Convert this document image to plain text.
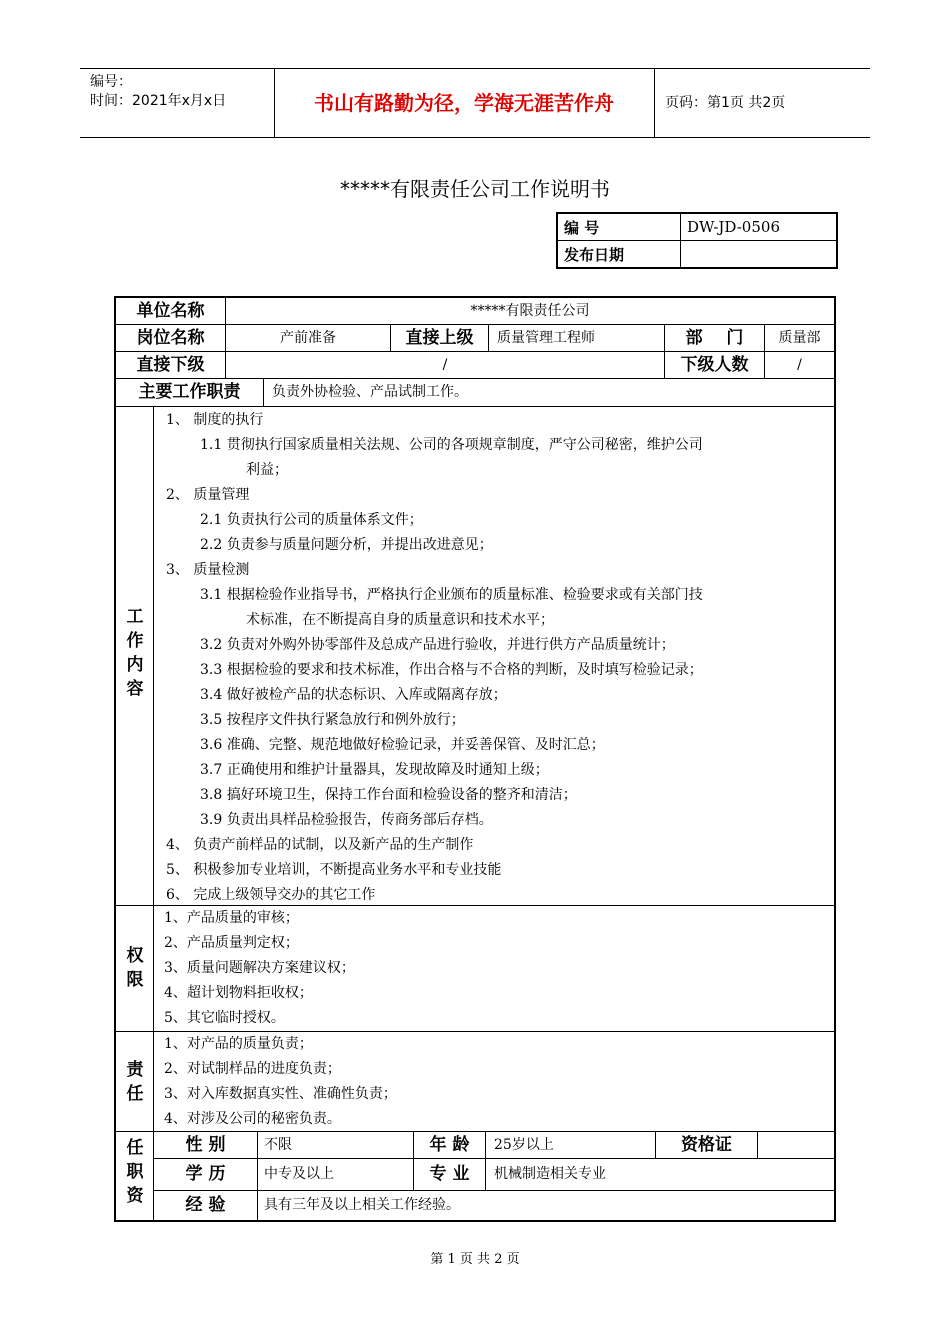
编号：
时间：2021年x月x日	书山有路勤为径，学海无涯苦作舟	页码：第1页 共2页
*****有限责任公司工作说明书
编 号	DW-JD-0506
发布日期	
单位名称	*****有限责任公司
岗位名称	产前准备	直接上级	质量管理工程师	部    门	质量部
直接下级	/	下级人数	/
主要工作职责	负责外协检验、产品试制工作。
工作内容
1、 制度的执行
1.1 贯彻执行国家质量相关法规、公司的各项规章制度，严守公司秘密，维护公司
利益；
2、 质量管理
2.1 负责执行公司的质量体系文件；
2.2 负责参与质量问题分析，并提出改进意见；
3、 质量检测
3.1 根据检验作业指导书，严格执行企业颁布的质量标准、检验要求或有关部门技
术标准，在不断提高自身的质量意识和技术水平；
3.2 负责对外购外协零部件及总成产品进行验收，并进行供方产品质量统计；
3.3 根据检验的要求和技术标准，作出合格与不合格的判断，及时填写检验记录；
3.4 做好被检产品的状态标识、入库或隔离存放；
3.5 按程序文件执行紧急放行和例外放行；
3.6 准确、完整、规范地做好检验记录，并妥善保管、及时汇总；
3.7 正确使用和维护计量器具，发现故障及时通知上级；
3.8 搞好环境卫生，保持工作台面和检验设备的整齐和清洁；
3.9 负责出具样品检验报告，传商务部后存档。
4、 负责产前样品的试制，以及新产品的生产制作
5、 积极参加专业培训，不断提高业务水平和专业技能
6、 完成上级领导交办的其它工作
权限
1、产品质量的审核；
2、产品质量判定权；
3、质量问题解决方案建议权；
4、超计划物料拒收权；
5、其它临时授权。
责任
1、对产品的质量负责；
2、对试制样品的进度负责；
3、对入库数据真实性、准确性负责；
4、对涉及公司的秘密负责。
任职资
性 别	不限	年 龄	25岁以上	资格证
学 历	中专及以上	专 业	机械制造相关专业
经 验	具有三年及以上相关工作经验。
第 1 页 共 2 页
